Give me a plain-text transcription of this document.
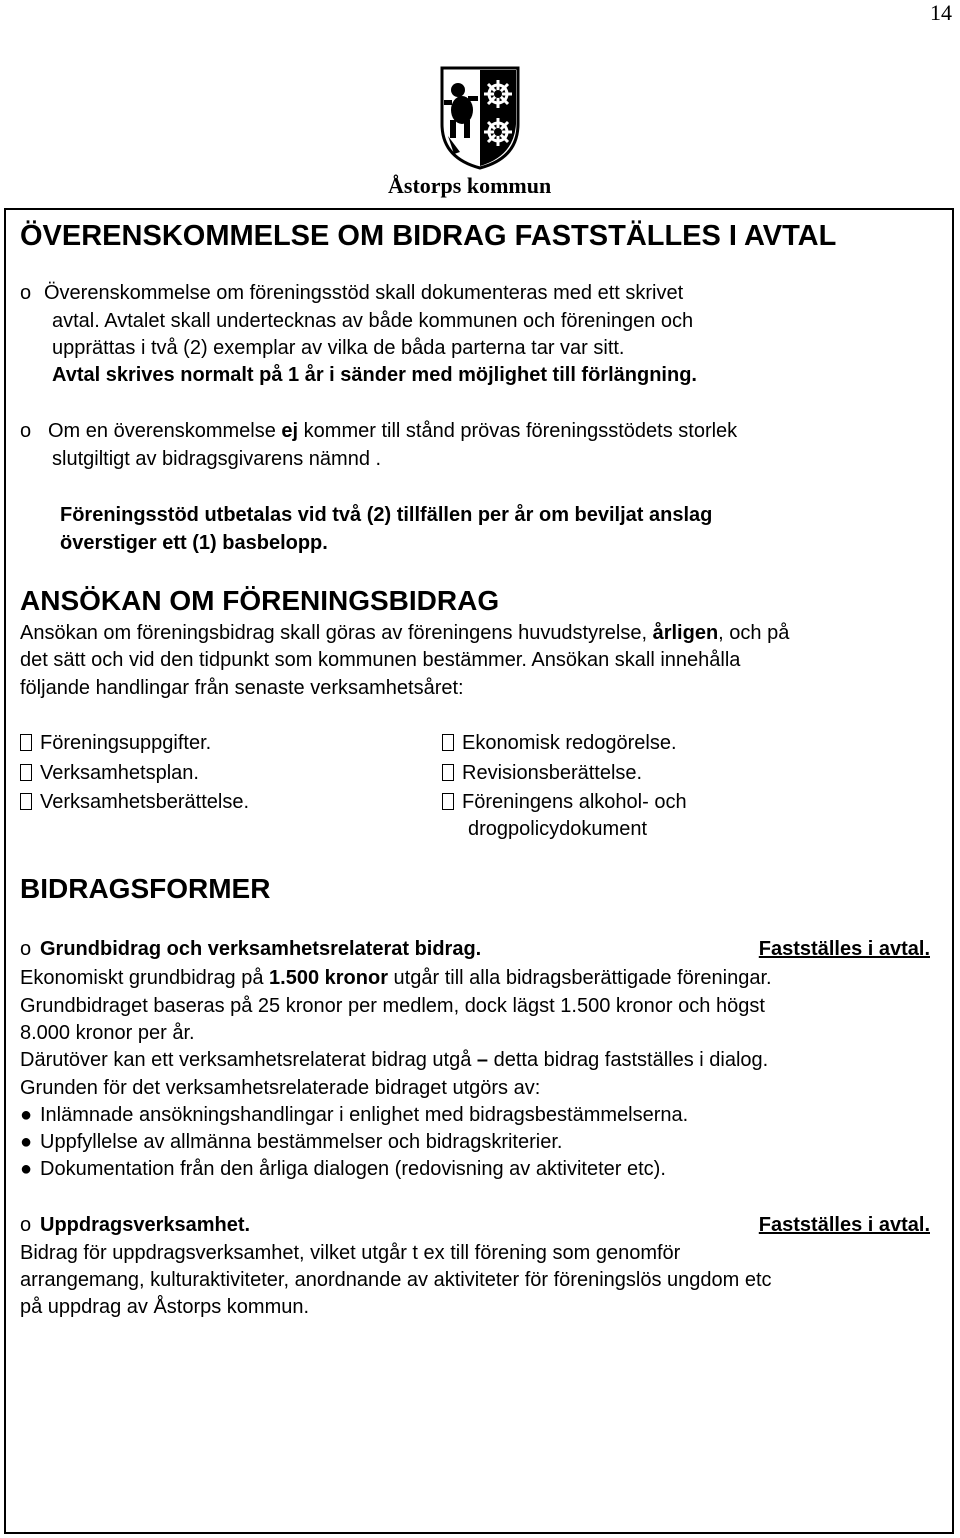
14
Åstorps kommun
ÖVERENSKOMMELSE OM BIDRAG FASTSTÄLLES I AVTAL
o Överenskommelse om föreningsstöd skall dokumenteras med ett skrivet
avtal. Avtalet skall undertecknas av både kommunen och föreningen och
upprättas i två (2) exemplar av vilka de båda parterna tar var sitt.
Avtal skrives normalt på 1 år i sänder med möjlighet till förlängning.
o Om en överenskommelse ej kommer till stånd prövas föreningsstödets storlek
slutgiltigt av bidragsgivarens nämnd .
Föreningsstöd utbetalas vid två (2) tillfällen per år om beviljat anslag
överstiger ett (1) basbelopp.
ANSÖKAN OM FÖRENINGSBIDRAG
Ansökan om föreningsbidrag skall göras av föreningens huvudstyrelse, årligen, och på
det sätt och vid den tidpunkt som kommunen bestämmer. Ansökan skall innehålla
följande handlingar från senaste verksamhetsåret:
Föreningsuppgifter.
Verksamhetsplan.
Verksamhetsberättelse.
Ekonomisk redogörelse.
Revisionsberättelse.
Föreningens alkohol- och
drogpolicydokument
BIDRAGSFORMER
o Grundbidrag och verksamhetsrelaterat bidrag.	Fastställes i avtal.
Ekonomiskt grundbidrag på 1.500 kronor utgår till alla bidragsberättigade föreningar.
Grundbidraget baseras på 25 kronor per medlem, dock lägst 1.500 kronor och högst
8.000 kronor per år.
Därutöver kan ett verksamhetsrelaterat bidrag utgå – detta bidrag fastställes i dialog.
Grunden för det verksamhetsrelaterade bidraget utgörs av:
● Inlämnade ansökningshandlingar i enlighet med bidragsbestämmelserna.
● Uppfyllelse av allmänna bestämmelser och bidragskriterier.
● Dokumentation från den årliga dialogen (redovisning av aktiviteter etc).
o Uppdragsverksamhet.	Fastställes i avtal.
Bidrag för uppdragsverksamhet, vilket utgår t ex till förening som genomför
arrangemang, kulturaktiviteter, anordnande av aktiviteter för föreningslös ungdom etc
på uppdrag av Åstorps kommun.
